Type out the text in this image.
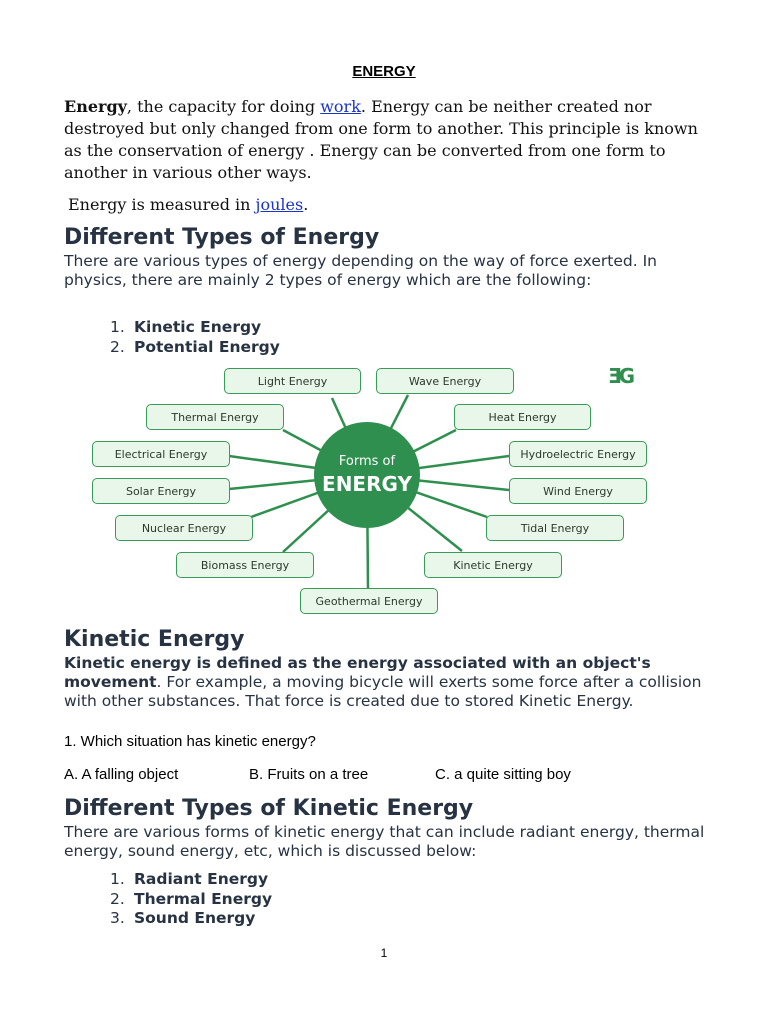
ENERGY
Energy, the capacity for doing work. Energy can be neither created nor destroyed but only changed from one form to another. This principle is known as the conservation of energy . Energy can be converted from one form to another in various other ways.
Energy is measured in joules.
Different Types of Energy
There are various types of energy depending on the way of force exerted. In physics, there are mainly 2 types of energy which are the following:
1. Kinetic Energy
2. Potential Energy
Forms of
ENERGY
ƎG
Light Energy	Wave Energy
Thermal Energy	Heat Energy
Electrical Energy	Hydroelectric Energy
Solar Energy	Wind Energy
Nuclear Energy	Tidal Energy
Biomass Energy	Kinetic Energy
Geothermal Energy
Kinetic Energy
Kinetic energy is defined as the energy associated with an object's movement. For example, a moving bicycle will exerts some force after a collision with other substances. That force is created due to stored Kinetic Energy.
1. Which situation has kinetic energy?
A. A falling object	B. Fruits on a tree	C. a quite sitting boy
Different Types of Kinetic Energy
There are various forms of kinetic energy that can include radiant energy, thermal energy, sound energy, etc, which is discussed below:
1. Radiant Energy
2. Thermal Energy
3. Sound Energy
1
